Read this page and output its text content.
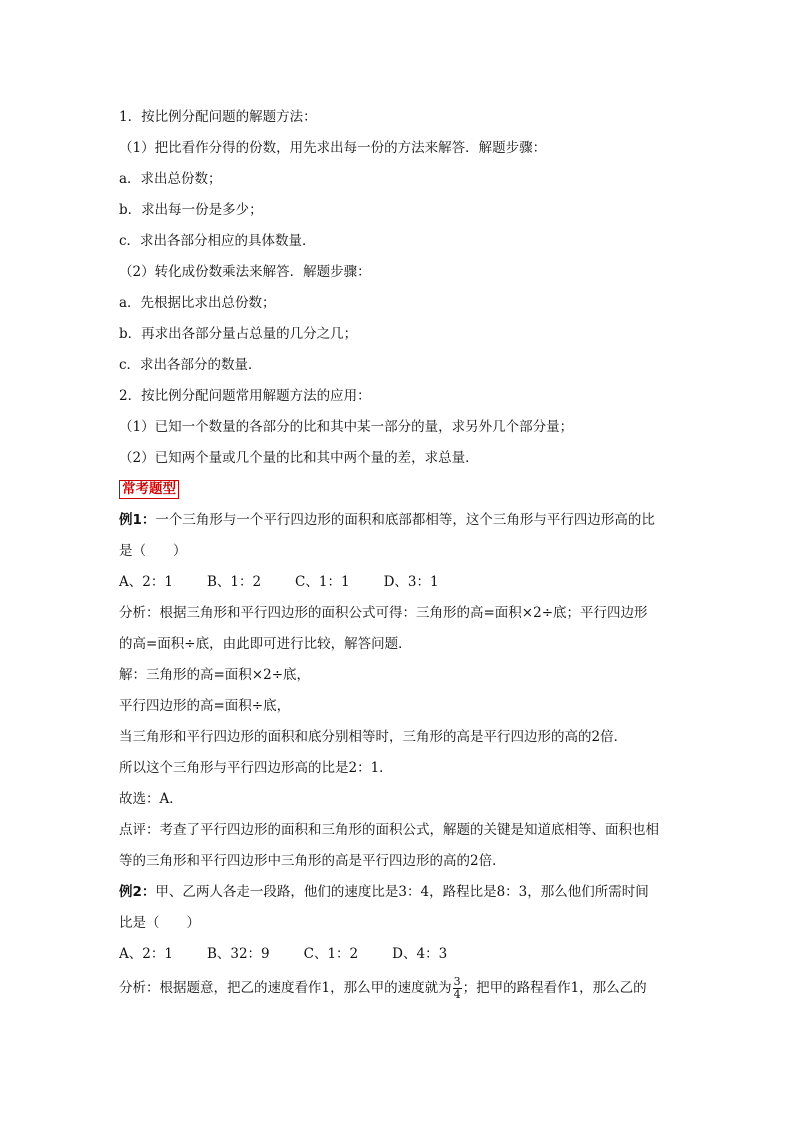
1．按比例分配问题的解题方法：
（1）把比看作分得的份数，用先求出每一份的方法来解答．解题步骤：
a．求出总份数；
b．求出每一份是多少；
c．求出各部分相应的具体数量．
（2）转化成份数乘法来解答．解题步骤：
a．先根据比求出总份数；
b．再求出各部分量占总量的几分之几；
c．求出各部分的数量．
2．按比例分配问题常用解题方法的应用：
（1）已知一个数量的各部分的比和其中某一部分的量，求另外几个部分量；
（2）已知两个量或几个量的比和其中两个量的差，求总量．
常考题型
例1：一个三角形与一个平行四边形的面积和底部都相等，这个三角形与平行四边形高的比
是（　　）
A、2：1	B、1：2	C、1：1	D、3：1
分析：根据三角形和平行四边形的面积公式可得：三角形的高=面积×2÷底；平行四边形
的高=面积÷底，由此即可进行比较，解答问题．
解：三角形的高=面积×2÷底，
平行四边形的高=面积÷底，
当三角形和平行四边形的面积和底分别相等时，三角形的高是平行四边形的高的2倍．
所以这个三角形与平行四边形高的比是2：1．
故选：A．
点评：考查了平行四边形的面积和三角形的面积公式，解题的关键是知道底相等、面积也相
等的三角形和平行四边形中三角形的高是平行四边形的高的2倍．
例2：甲、乙两人各走一段路，他们的速度比是3：4，路程比是8：3，那么他们所需时间
比是（　　）
A、2：1	B、32：9	C、1：2	D、4：3
分析：根据题意，把乙的速度看作1，那么甲的速度就为 $\frac{3}{4}$ ；把甲的路程看作1，那么乙的
